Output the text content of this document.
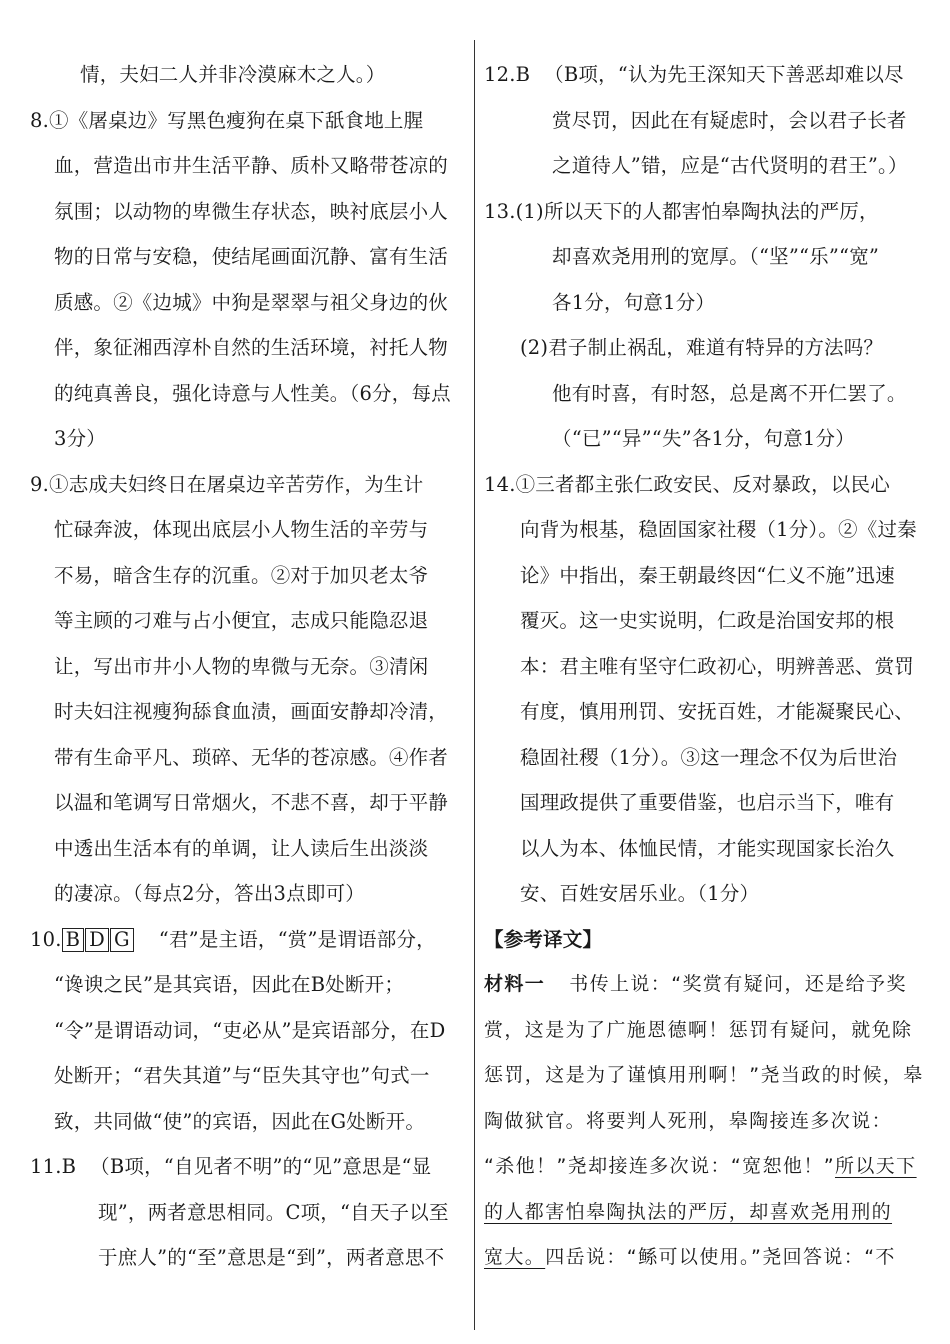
情，夫妇二人并非冷漠麻木之人。）
8.①《屠桌边》写黑色瘦狗在桌下舐食地上腥
血，营造出市井生活平静、质朴又略带苍凉的
氛围；以动物的卑微生存状态，映衬底层小人
物的日常与安稳，使结尾画面沉静、富有生活
质感。②《边城》中狗是翠翠与祖父身边的伙
伴，象征湘西淳朴自然的生活环境，衬托人物
的纯真善良，强化诗意与人性美。（6分，每点
3分）
9.①志成夫妇终日在屠桌边辛苦劳作，为生计
忙碌奔波，体现出底层小人物生活的辛劳与
不易，暗含生存的沉重。②对于加贝老太爷
等主顾的刁难与占小便宜，志成只能隐忍退
让，写出市井小人物的卑微与无奈。③清闲
时夫妇注视瘦狗舔食血渍，画面安静却冷清，
带有生命平凡、琐碎、无华的苍凉感。④作者
以温和笔调写日常烟火，不悲不喜，却于平静
中透出生活本有的单调，让人读后生出淡淡
的凄凉。（每点2分，答出3点即可）
10. B D G “君”是主语，“赏”是谓语部分，
“谗谀之民”是其宾语，因此在B处断开；
“令”是谓语动词，“吏必从”是宾语部分，在D
处断开；“君失其道”与“臣失其守也”句式一
致，共同做“使”的宾语，因此在G处断开。
11.B （B项，“自见者不明”的“见”意思是“显
现”，两者意思相同。C项，“自天子以至
于庶人”的“至”意思是“到”，两者意思不
12.B （B项，“认为先王深知天下善恶却难以尽
赏尽罚，因此在有疑虑时，会以君子长者
之道待人”错，应是“古代贤明的君王”。）
13.(1)所以天下的人都害怕皋陶执法的严厉，
却喜欢尧用刑的宽厚。（“坚”“乐”“宽”
各1分，句意1分）
(2)君子制止祸乱，难道有特异的方法吗？
他有时喜，有时怒，总是离不开仁罢了。
（“已”“异”“失”各1分，句意1分）
14.①三者都主张仁政安民、反对暴政，以民心
向背为根基，稳固国家社稷（1分）。②《过秦
论》中指出，秦王朝最终因“仁义不施”迅速
覆灭。这一史实说明，仁政是治国安邦的根
本：君主唯有坚守仁政初心，明辨善恶、赏罚
有度，慎用刑罚、安抚百姓，才能凝聚民心、
稳固社稷（1分）。③这一理念不仅为后世治
国理政提供了重要借鉴，也启示当下，唯有
以人为本、体恤民情，才能实现国家长治久
安、百姓安居乐业。（1分）
【参考译文】
材料一 书传上说：“奖赏有疑问，还是给予奖
赏，这是为了广施恩德啊！惩罚有疑问，就免除
惩罚，这是为了谨慎用刑啊！”尧当政的时候，皋
陶做狱官。将要判人死刑，皋陶接连多次说：
“杀他！”尧却接连多次说：“宽恕他！”所以天下
的人都害怕皋陶执法的严厉，却喜欢尧用刑的
宽大。四岳说：“鲧可以使用。”尧回答说：“不
